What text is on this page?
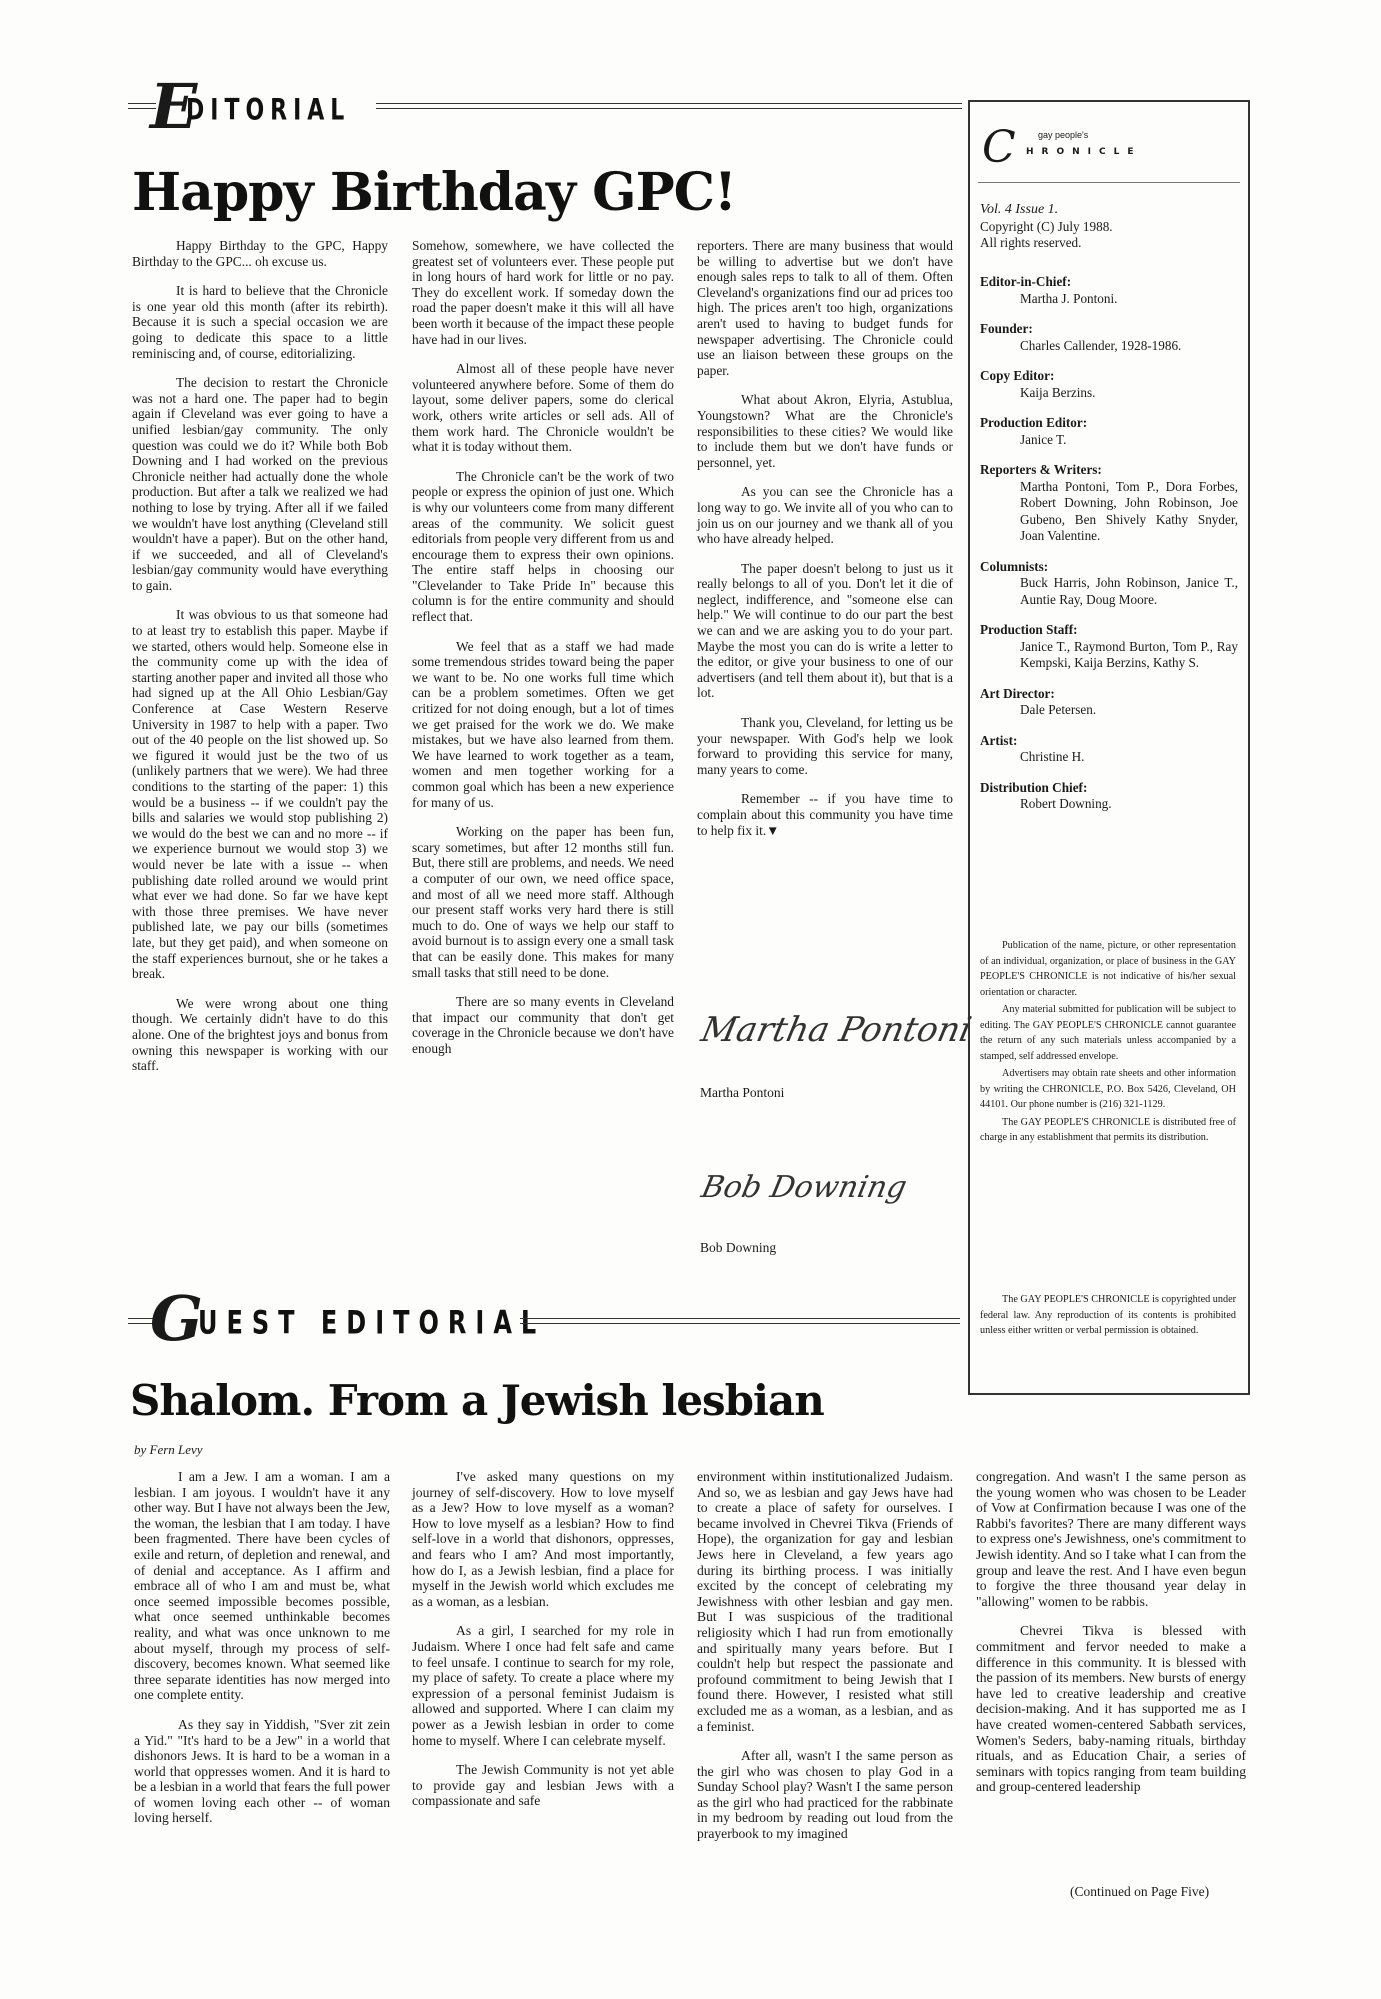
E
DITORIAL
Happy Birthday GPC!

Happy Birthday to the GPC, Happy Birthday to the GPC... oh excuse us.

It is hard to believe that the Chronicle is one year old this month (after its rebirth). Because it is such a special occasion we are going to dedicate this space to a little reminiscing and, of course, editorializing.

The decision to restart the Chronicle was not a hard one. The paper had to begin again if Cleveland was ever going to have a unified lesbian/gay community. The only question was could we do it? While both Bob Downing and I had worked on the previous Chronicle neither had actually done the whole production. But after a talk we realized we had nothing to lose by trying. After all if we failed we wouldn't have lost anything (Cleveland still wouldn't have a paper). But on the other hand, if we succeeded, and all of Cleveland's lesbian/gay community would have everything to gain.

It was obvious to us that someone had to at least try to establish this paper. Maybe if we started, others would help. Someone else in the community come up with the idea of starting another paper and invited all those who had signed up at the All Ohio Lesbian/Gay Conference at Case Western Reserve University in 1987 to help with a paper. Two out of the 40 people on the list showed up. So we figured it would just be the two of us (unlikely partners that we were). We had three conditions to the starting of the paper: 1) this would be a business -- if we couldn't pay the bills and salaries we would stop publishing 2) we would do the best we can and no more -- if we experience burnout we would stop 3) we would never be late with a issue -- when publishing date rolled around we would print what ever we had done. So far we have kept with those three premises. We have never published late, we pay our bills (sometimes late, but they get paid), and when someone on the staff experiences burnout, she or he takes a break.

We were wrong about one thing though. We certainly didn't have to do this alone. One of the brightest joys and bonus from owning this newspaper is working with our staff.

Somehow, somewhere, we have collected the greatest set of volunteers ever. These people put in long hours of hard work for little or no pay. They do excellent work. If someday down the road the paper doesn't make it this will all have been worth it because of the impact these people have had in our lives.

Almost all of these people have never volunteered anywhere before. Some of them do layout, some deliver papers, some do clerical work, others write articles or sell ads. All of them work hard. The Chronicle wouldn't be what it is today without them.

The Chronicle can't be the work of two people or express the opinion of just one. Which is why our volunteers come from many different areas of the community. We solicit guest editorials from people very different from us and encourage them to express their own opinions. The entire staff helps in choosing our "Clevelander to Take Pride In" because this column is for the entire community and should reflect that.

We feel that as a staff we had made some tremendous strides toward being the paper we want to be. No one works full time which can be a problem sometimes. Often we get critized for not doing enough, but a lot of times we get praised for the work we do. We make mistakes, but we have also learned from them. We have learned to work together as a team, women and men together working for a common goal which has been a new experience for many of us.

Working on the paper has been fun, scary sometimes, but after 12 months still fun. But, there still are problems, and needs. We need a computer of our own, we need office space, and most of all we need more staff. Although our present staff works very hard there is still much to do. One of ways we help our staff to avoid burnout is to assign every one a small task that can be easily done. This makes for many small tasks that still need to be done.

There are so many events in Cleveland that impact our community that don't get coverage in the Chronicle because we don't have enough

reporters. There are many business that would be willing to advertise but we don't have enough sales reps to talk to all of them. Often Cleveland's organizations find our ad prices too high. The prices aren't too high, organizations aren't used to having to budget funds for newspaper advertising. The Chronicle could use an liaison between these groups on the paper.

What about Akron, Elyria, Astublua, Youngstown? What are the Chronicle's responsibilities to these cities? We would like to include them but we don't have funds or personnel, yet.

As you can see the Chronicle has a long way to go. We invite all of you who can to join us on our journey and we thank all of you who have already helped.

The paper doesn't belong to just us it really belongs to all of you. Don't let it die of neglect, indifference, and "someone else can help." We will continue to do our part the best we can and we are asking you to do your part. Maybe the most you can do is write a letter to the editor, or give your business to one of our advertisers (and tell them about it), but that is a lot.

Thank you, Cleveland, for letting us be your newspaper. With God's help we look forward to providing this service for many, many years to come.

Remember -- if you have time to complain about this community you have time to help fix it.▼

Martha Pontoni
Martha Pontoni
Bob Downing
Bob Downing
C gay people's
HRONICLE
Vol. 4 Issue 1.
Copyright (C) July 1988.
All rights reserved.
Editor-in-Chief:
Martha J. Pontoni.
Founder:
Charles Callender, 1928-1986.
Copy Editor:
Kaija Berzins.
Production Editor:
Janice T.
Reporters & Writers:
Martha Pontoni, Tom P., Dora Forbes, Robert Downing, John Robinson, Joe Gubeno, Ben Shively Kathy Snyder, Joan Valentine.
Columnists:
Buck Harris, John Robinson, Janice T., Auntie Ray, Doug Moore.
Production Staff:
Janice T., Raymond Burton, Tom P., Ray Kempski, Kaija Berzins, Kathy S.
Art Director:
Dale Petersen.
Artist:
Christine H.
Distribution Chief:
Robert Downing.

Publication of the name, picture, or other representation of an individual, organization, or place of business in the GAY PEOPLE'S CHRONICLE is not indicative of his/her sexual orientation or character.

Any material submitted for publication will be subject to editing. The GAY PEOPLE'S CHRONICLE cannot guarantee the return of any such materials unless accompanied by a stamped, self addressed envelope.

Advertisers may obtain rate sheets and other information by writing the CHRONICLE, P.O. Box 5426, Cleveland, OH 44101. Our phone number is (216) 321-1129.

The GAY PEOPLE'S CHRONICLE is distributed free of charge in any establishment that permits its distribution.

The GAY PEOPLE'S CHRONICLE is copyrighted under federal law. Any reproduction of its contents is prohibited unless either written or verbal permission is obtained.

G
UEST EDITORIAL
Shalom. From a Jewish lesbian
by Fern Levy

I am a Jew. I am a woman. I am a lesbian. I am joyous. I wouldn't have it any other way. But I have not always been the Jew, the woman, the lesbian that I am today. I have been fragmented. There have been cycles of exile and return, of depletion and renewal, and of denial and acceptance. As I affirm and embrace all of who I am and must be, what once seemed impossible becomes possible, what once seemed unthinkable becomes reality, and what was once unknown to me about myself, through my process of self-discovery, becomes known. What seemed like three separate identities has now merged into one complete entity.

As they say in Yiddish, "Sver zit zein a Yid." "It's hard to be a Jew" in a world that dishonors Jews. It is hard to be a woman in a world that oppresses women. And it is hard to be a lesbian in a world that fears the full power of women loving each other -- of woman loving herself.

I've asked many questions on my journey of self-discovery. How to love myself as a Jew? How to love myself as a woman? How to love myself as a lesbian? How to find self-love in a world that dishonors, oppresses, and fears who I am? And most importantly, how do I, as a Jewish lesbian, find a place for myself in the Jewish world which excludes me as a woman, as a lesbian.

As a girl, I searched for my role in Judaism. Where I once had felt safe and came to feel unsafe. I continue to search for my role, my place of safety. To create a place where my expression of a personal feminist Judaism is allowed and supported. Where I can claim my power as a Jewish lesbian in order to come home to myself. Where I can celebrate myself.

The Jewish Community is not yet able to provide gay and lesbian Jews with a compassionate and safe

environment within institutionalized Judaism. And so, we as lesbian and gay Jews have had to create a place of safety for ourselves. I became involved in Chevrei Tikva (Friends of Hope), the organization for gay and lesbian Jews here in Cleveland, a few years ago during its birthing process. I was initially excited by the concept of celebrating my Jewishness with other lesbian and gay men. But I was suspicious of the traditional religiosity which I had run from emotionally and spiritually many years before. But I couldn't help but respect the passionate and profound commitment to being Jewish that I found there. However, I resisted what still excluded me as a woman, as a lesbian, and as a feminist.

After all, wasn't I the same person as the girl who was chosen to play God in a Sunday School play? Wasn't I the same person as the girl who had practiced for the rabbinate in my bedroom by reading out loud from the prayerbook to my imagined

congregation. And wasn't I the same person as the young women who was chosen to be Leader of Vow at Confirmation because I was one of the Rabbi's favorites? There are many different ways to express one's Jewishness, one's commitment to Jewish identity. And so I take what I can from the group and leave the rest. And I have even begun to forgive the three thousand year delay in "allowing" women to be rabbis.

Chevrei Tikva is blessed with commitment and fervor needed to make a difference in this community. It is blessed with the passion of its members. New bursts of energy have led to creative leadership and creative decision-making. And it has supported me as I have created women-centered Sabbath services, Women's Seders, baby-naming rituals, birthday rituals, and as Education Chair, a series of seminars with topics ranging from team building and group-centered leadership

(Continued on Page Five)
